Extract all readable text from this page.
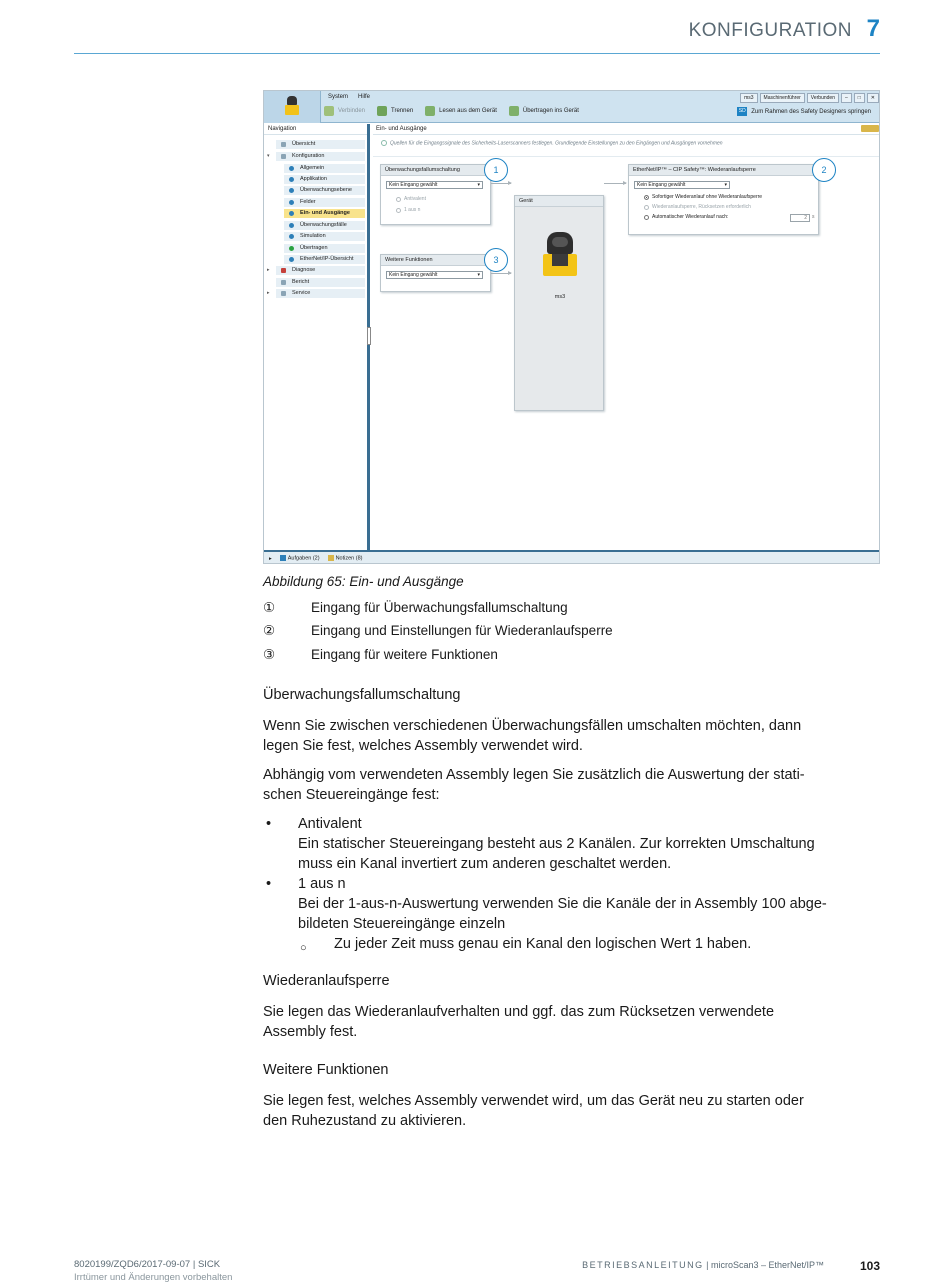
KONFIGURATION 7
System Hilfe	ms3	Maschinenführer	Verbunden	–	□	✕
Verbinden	Trennen	Lesen aus dem Gerät	Übertragen ins Gerät	SD Zum Rahmen des Safety Designers springen
Navigation
Übersicht
▾	Konfiguration
Allgemein
Applikation
Überwachungsebene
Felder
Ein- und Ausgänge
Überwachungsfälle
Simulation
Übertragen
EtherNet/IP-Übersicht
▸	Diagnose
Bericht
▸	Service
Ein- und Ausgänge
Quellen für die Eingangssignale des Sicherheits-Laserscanners festlegen. Grundlegende Einstellungen zu den Eingängen und Ausgängen vornehmen
Überwachungsfallumschaltung
Kein Eingang gewählt	▾
Antivalent
1 aus n
Weitere Funktionen
Kein Eingang gewählt	▾
Gerät
ms3
EtherNet/IP™ – CIP Safety™: Wiederanlaufsperre
Kein Eingang gewählt	▾
Sofortiger Wiederanlauf ohne Wiederanlaufsperre
Wiederanlaufsperre, Rücksetzen erforderlich
Automatischer Wiederanlauf nach:	2	s
1	2
3
▸	Aufgaben (2)	Notizen (8)
Abbildung 65: Ein- und Ausgänge
①	Eingang für Überwachungsfallumschaltung
②	Eingang und Einstellungen für Wiederanlaufsperre
③	Eingang für weitere Funktionen
Überwachungsfallumschaltung
Wenn Sie zwischen verschiedenen Überwachungsfällen umschalten möchten, dann
legen Sie fest, welches Assembly verwendet wird.
Abhängig vom verwendeten Assembly legen Sie zusätzlich die Auswertung der stati-
schen Steuereingänge fest:
• Antivalent
Ein statischer Steuereingang besteht aus 2 Kanälen. Zur korrekten Umschaltung
muss ein Kanal invertiert zum anderen geschaltet werden.
• 1 aus n
Bei der 1-aus-n-Auswertung verwenden Sie die Kanäle der in Assembly 100 abge-
bildeten Steuereingänge einzeln
○ Zu jeder Zeit muss genau ein Kanal den logischen Wert 1 haben.
Wiederanlaufsperre
Sie legen das Wiederanlaufverhalten und ggf. das zum Rücksetzen verwendete
Assembly fest.
Weitere Funktionen
Sie legen fest, welches Assembly verwendet wird, um das Gerät neu zu starten oder
den Ruhezustand zu aktivieren.
8020199/ZQD6/2017-09-07 | SICK
Irrtümer und Änderungen vorbehalten
BETRIEBSANLEITUNG | microScan3 – EtherNet/IP™	103
